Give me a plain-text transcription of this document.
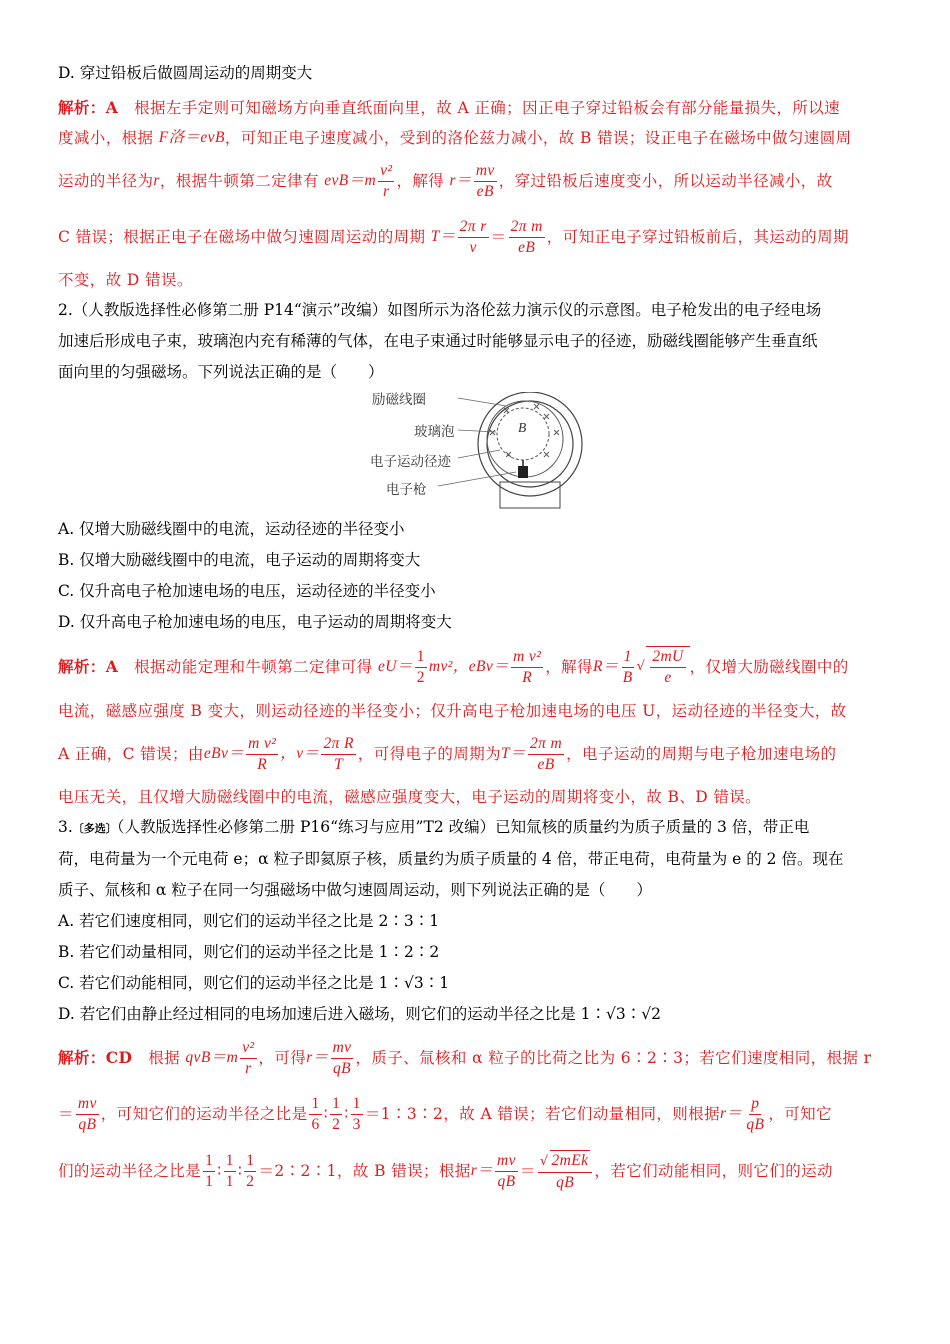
D. 穿过铅板后做圆周运动的周期变大

解析： A
根据左手定则可知磁场方向垂直纸面向里，故 A 正确；因正电子穿过铅板会有部分能量损失，所以速
度减小，根据
F洛＝evB ，可知正电子速度减小，受到的洛伦兹力减小，故 B 错误；设正电子在磁场中做匀速圆周
运动的半径为 r ，根据牛顿第二定律有
$evB=m \frac{\text{v²}}{r}$ ，解得
$r= \frac{mv}{eB}$ ，穿过铅板后速度变小，所以运动半径减小，故
C 错误；根据正电子在磁场中做匀速圆周运动的周期
$T= \frac{\text{2π r}}{v} = \frac{\text{2π m}}{eB}$ ，可知正电子穿过铅板前后，其运动的周期
不变，故 D 错误。

2.（人教版选择性必修第二册 P14“演示”改编）如图所示为洛伦兹力演示仪的示意图。电子枪发出的电子经电场

加速后形成电子束，玻璃泡内充有稀薄的气体，在电子束通过时能够显示电子的径迹，励磁线圈能够产生垂直纸

面向里的匀强磁场。下列说法正确的是（　　）

励磁线圈
玻璃泡
电子运动径迹
电子枪
B

A. 仅增大励磁线圈中的电流，运动径迹的半径变小

B. 仅增大励磁线圈中的电流，电子运动的周期将变大

C. 仅升高电子枪加速电场的电压，运动径迹的半径变小

D. 仅升高电子枪加速电场的电压，电子运动的周期将变大

解析： A
根据动能定理和牛顿第二定律可得
$eU= \frac{1}{2} mv^2$， $eBv= \frac{\text{m v²}}{R}$ ，解得 $R= \frac{1}{B}$ √ $\frac{2mU}{e}$ ，仅增大励磁线圈中的
电流，磁感应强度 B 变大，则运动径迹的半径变小；仅升高电子枪加速电场的电压 U，运动径迹的半径变大，故
A 正确，C 错误；由 $eBv= \frac{\text{m v²}}{R}$ ，$v= \frac{\text{2π R}}{T}$ ，可得电子的周期为 $T= \frac{\text{2π m}}{eB}$ ，电子运动的周期与电子枪加速电场的
电压无关，且仅增大励磁线圈中的电流，磁感应强度变大，电子运动的周期将变小，故 B、D 错误。

3.〔多选〕（人教版选择性必修第二册 P16“练习与应用”T2 改编）已知氚核的质量约为质子质量的 3 倍，带正电

荷，电荷量为一个元电荷 e；α 粒子即氦原子核，质量约为质子质量的 4 倍，带正电荷，电荷量为 e 的 2 倍。现在

质子、氚核和 α 粒子在同一匀强磁场中做匀速圆周运动，则下列说法正确的是（　　）

A. 若它们速度相同，则它们的运动半径之比是 2∶3∶1

B. 若它们动量相同，则它们的运动半径之比是 1∶2∶2

C. 若它们动能相同，则它们的运动半径之比是 1∶√3∶1

D. 若它们由静止经过相同的电场加速后进入磁场，则它们的运动半径之比是 1∶√3∶√2

解析： CD
根据
$qvB=m \frac{\text{v²}}{r}$ ，可得 $r= \frac{mv}{qB}$ ，质子、氚核和 α 粒子的比荷之比为 6∶2∶3；若它们速度相同，根据 r
＝ $\frac{mv}{qB}$ ，可知它们的运动半径之比是 $\frac{1}{6}$ ∶ $\frac{1}{2}$ ∶ $\frac{1}{3}$ ＝1∶3∶2 ，故 A 错误；若它们动量相同，则根据 $r= \frac{p}{qB}$ ，可知它
们的运动半径之比是 $\frac{1}{1}$ ∶ $\frac{1}{1}$ ∶ $\frac{1}{2}$ ＝2∶2∶1 ，故 B 错误；根据 $r= \frac{mv}{qB} = \frac{\text{√ 2mEk}}{qB}$ ，若它们动能相同，则它们的运动
